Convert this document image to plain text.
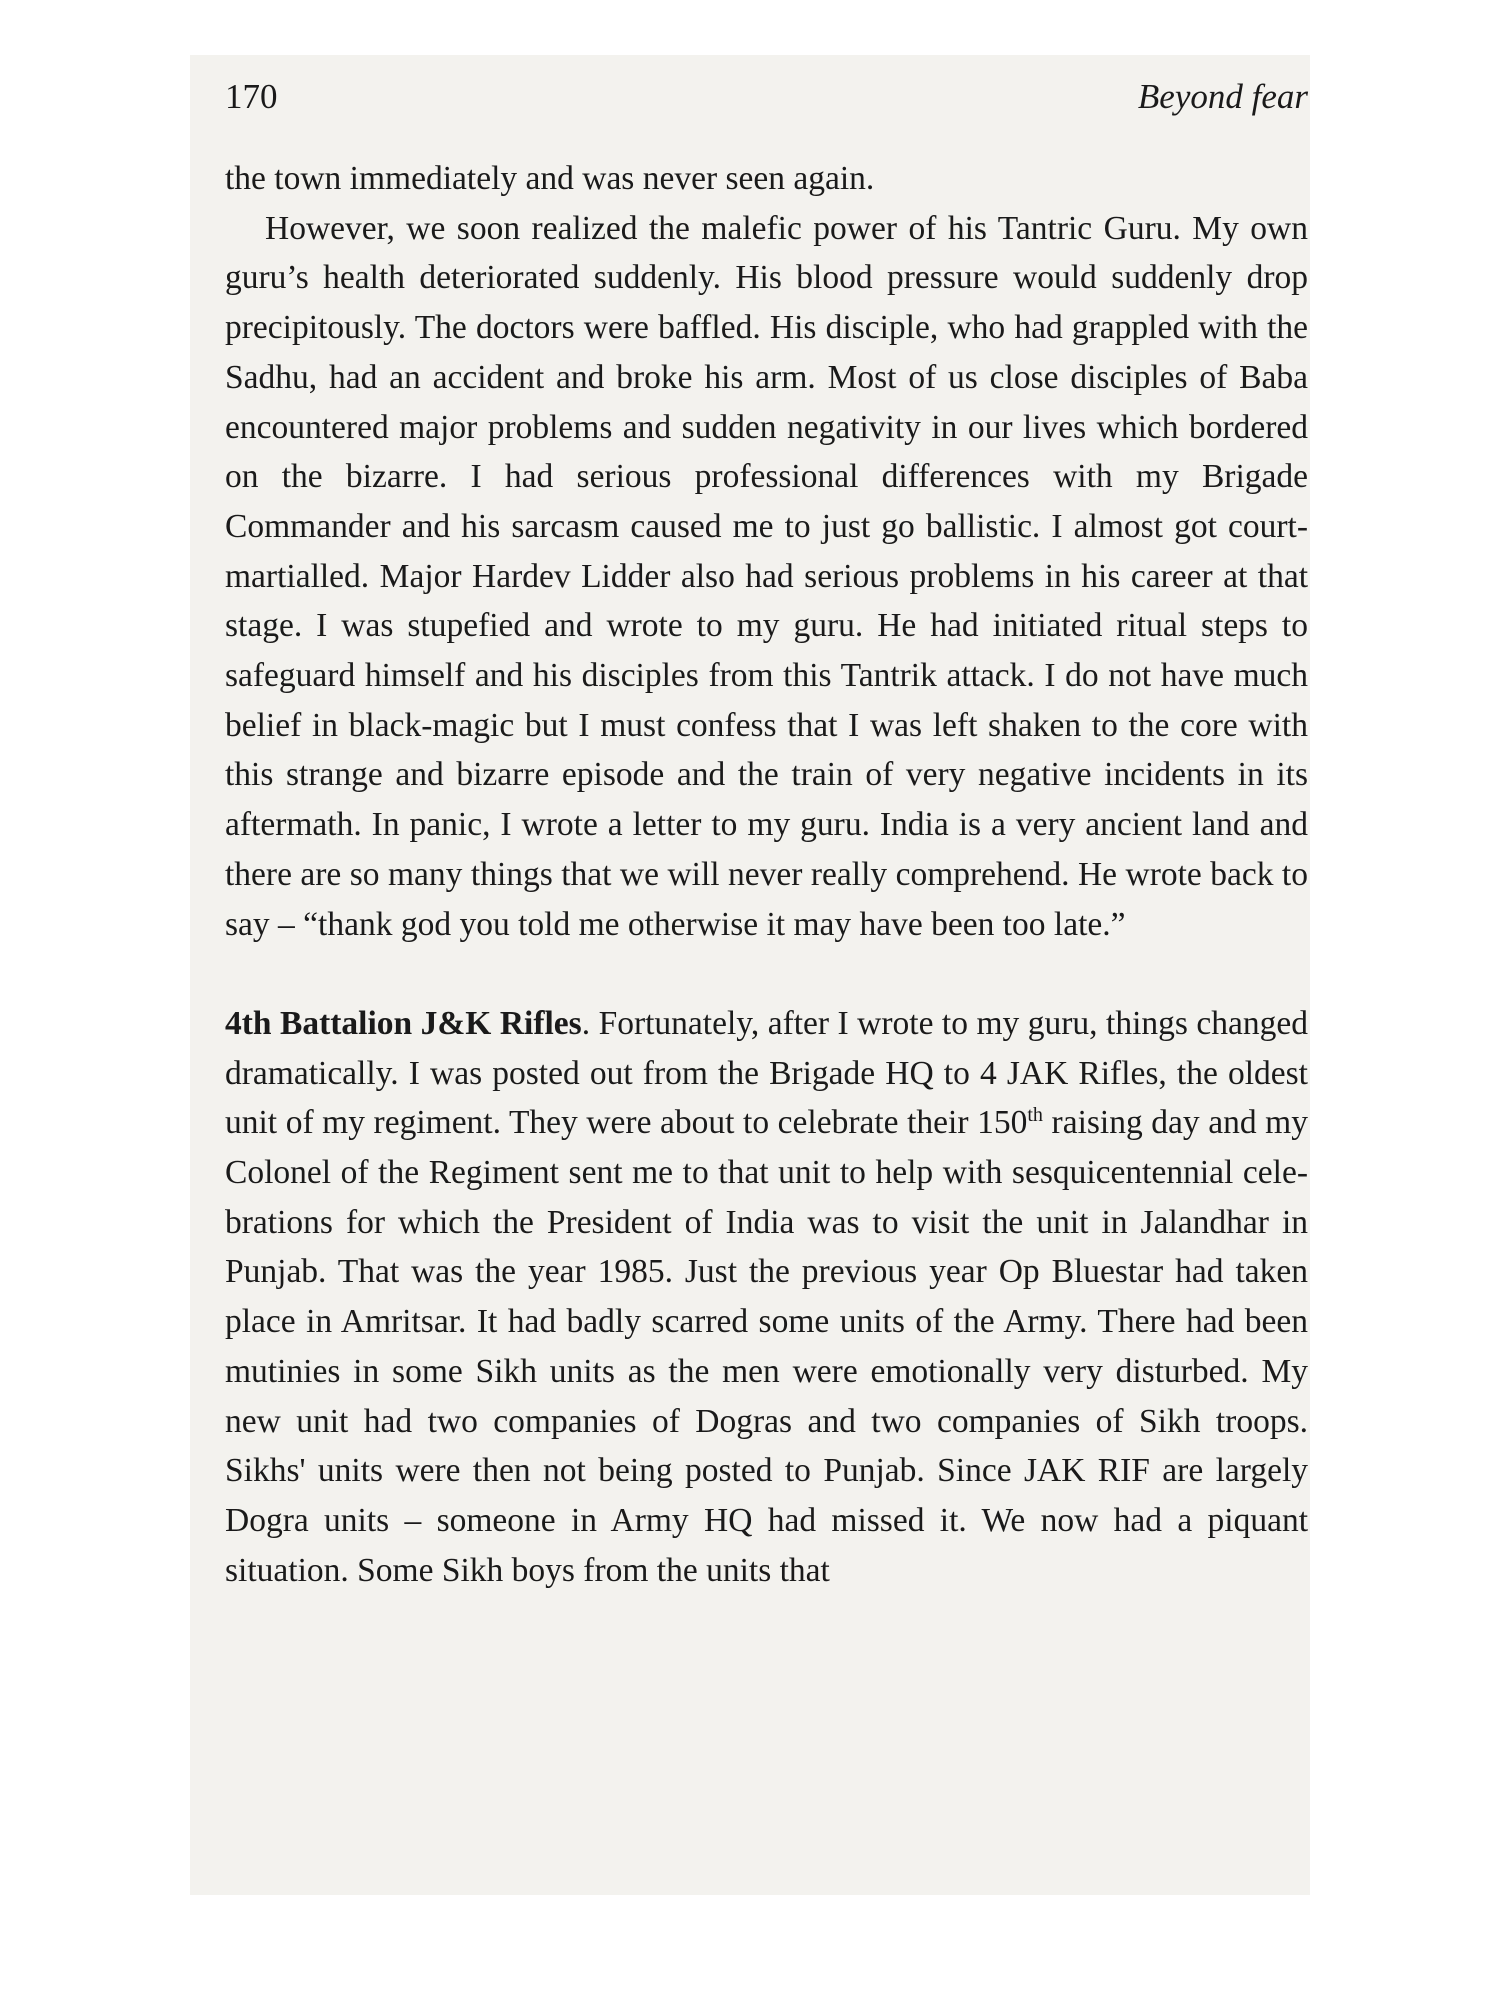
170	Beyond fear

the town immediately and was never seen again.

However, we soon realized the malefic power of his Tantric Guru. My own guru’s health deteriorated suddenly. His blood pressure would suddenly drop precipitously. The doctors were baffled. His disciple, who had grappled with the Sadhu, had an accident and broke his arm. Most of us close disciples of Baba encountered major problems and sudden negativity in our lives which bordered on the bizarre. I had serious professional differences with my Brigade Commander and his sarcasm caused me to just go ballistic. I almost got court-martialled. Major Hardev Lidder also had serious problems in his career at that stage. I was stupefied and wrote to my guru. He had initiated ritual steps to safeguard himself and his disciples from this Tantrik attack. I do not have much belief in black-magic but I must confess that I was left shaken to the core with this strange and bizarre episode and the train of very negative incidents in its aftermath. In panic, I wrote a letter to my guru. India is a very ancient land and there are so many things that we will never really comprehend. He wrote back to say – “thank god you told me otherwise it may have been too late.”

4th Battalion J&K Rifles. Fortunately, after I wrote to my guru, things changed dramatically. I was posted out from the Brigade HQ to 4 JAK Rifles, the oldest unit of my regiment. They were about to celebrate their 150th raising day and my Colonel of the Regiment sent me to that unit to help with sesquicentennial celebrations for which the President of India was to visit the unit in Jalandhar in Punjab. That was the year 1985. Just the previous year Op Bluestar had taken place in Amritsar. It had badly scarred some units of the Army. There had been mutinies in some Sikh units as the men were emotionally very disturbed. My new unit had two companies of Dogras and two companies of Sikh troops. Sikhs' units were then not being posted to Punjab. Since JAK RIF are largely Dogra units – someone in Army HQ had missed it. We now had a piquant situation. Some Sikh boys from the units that
